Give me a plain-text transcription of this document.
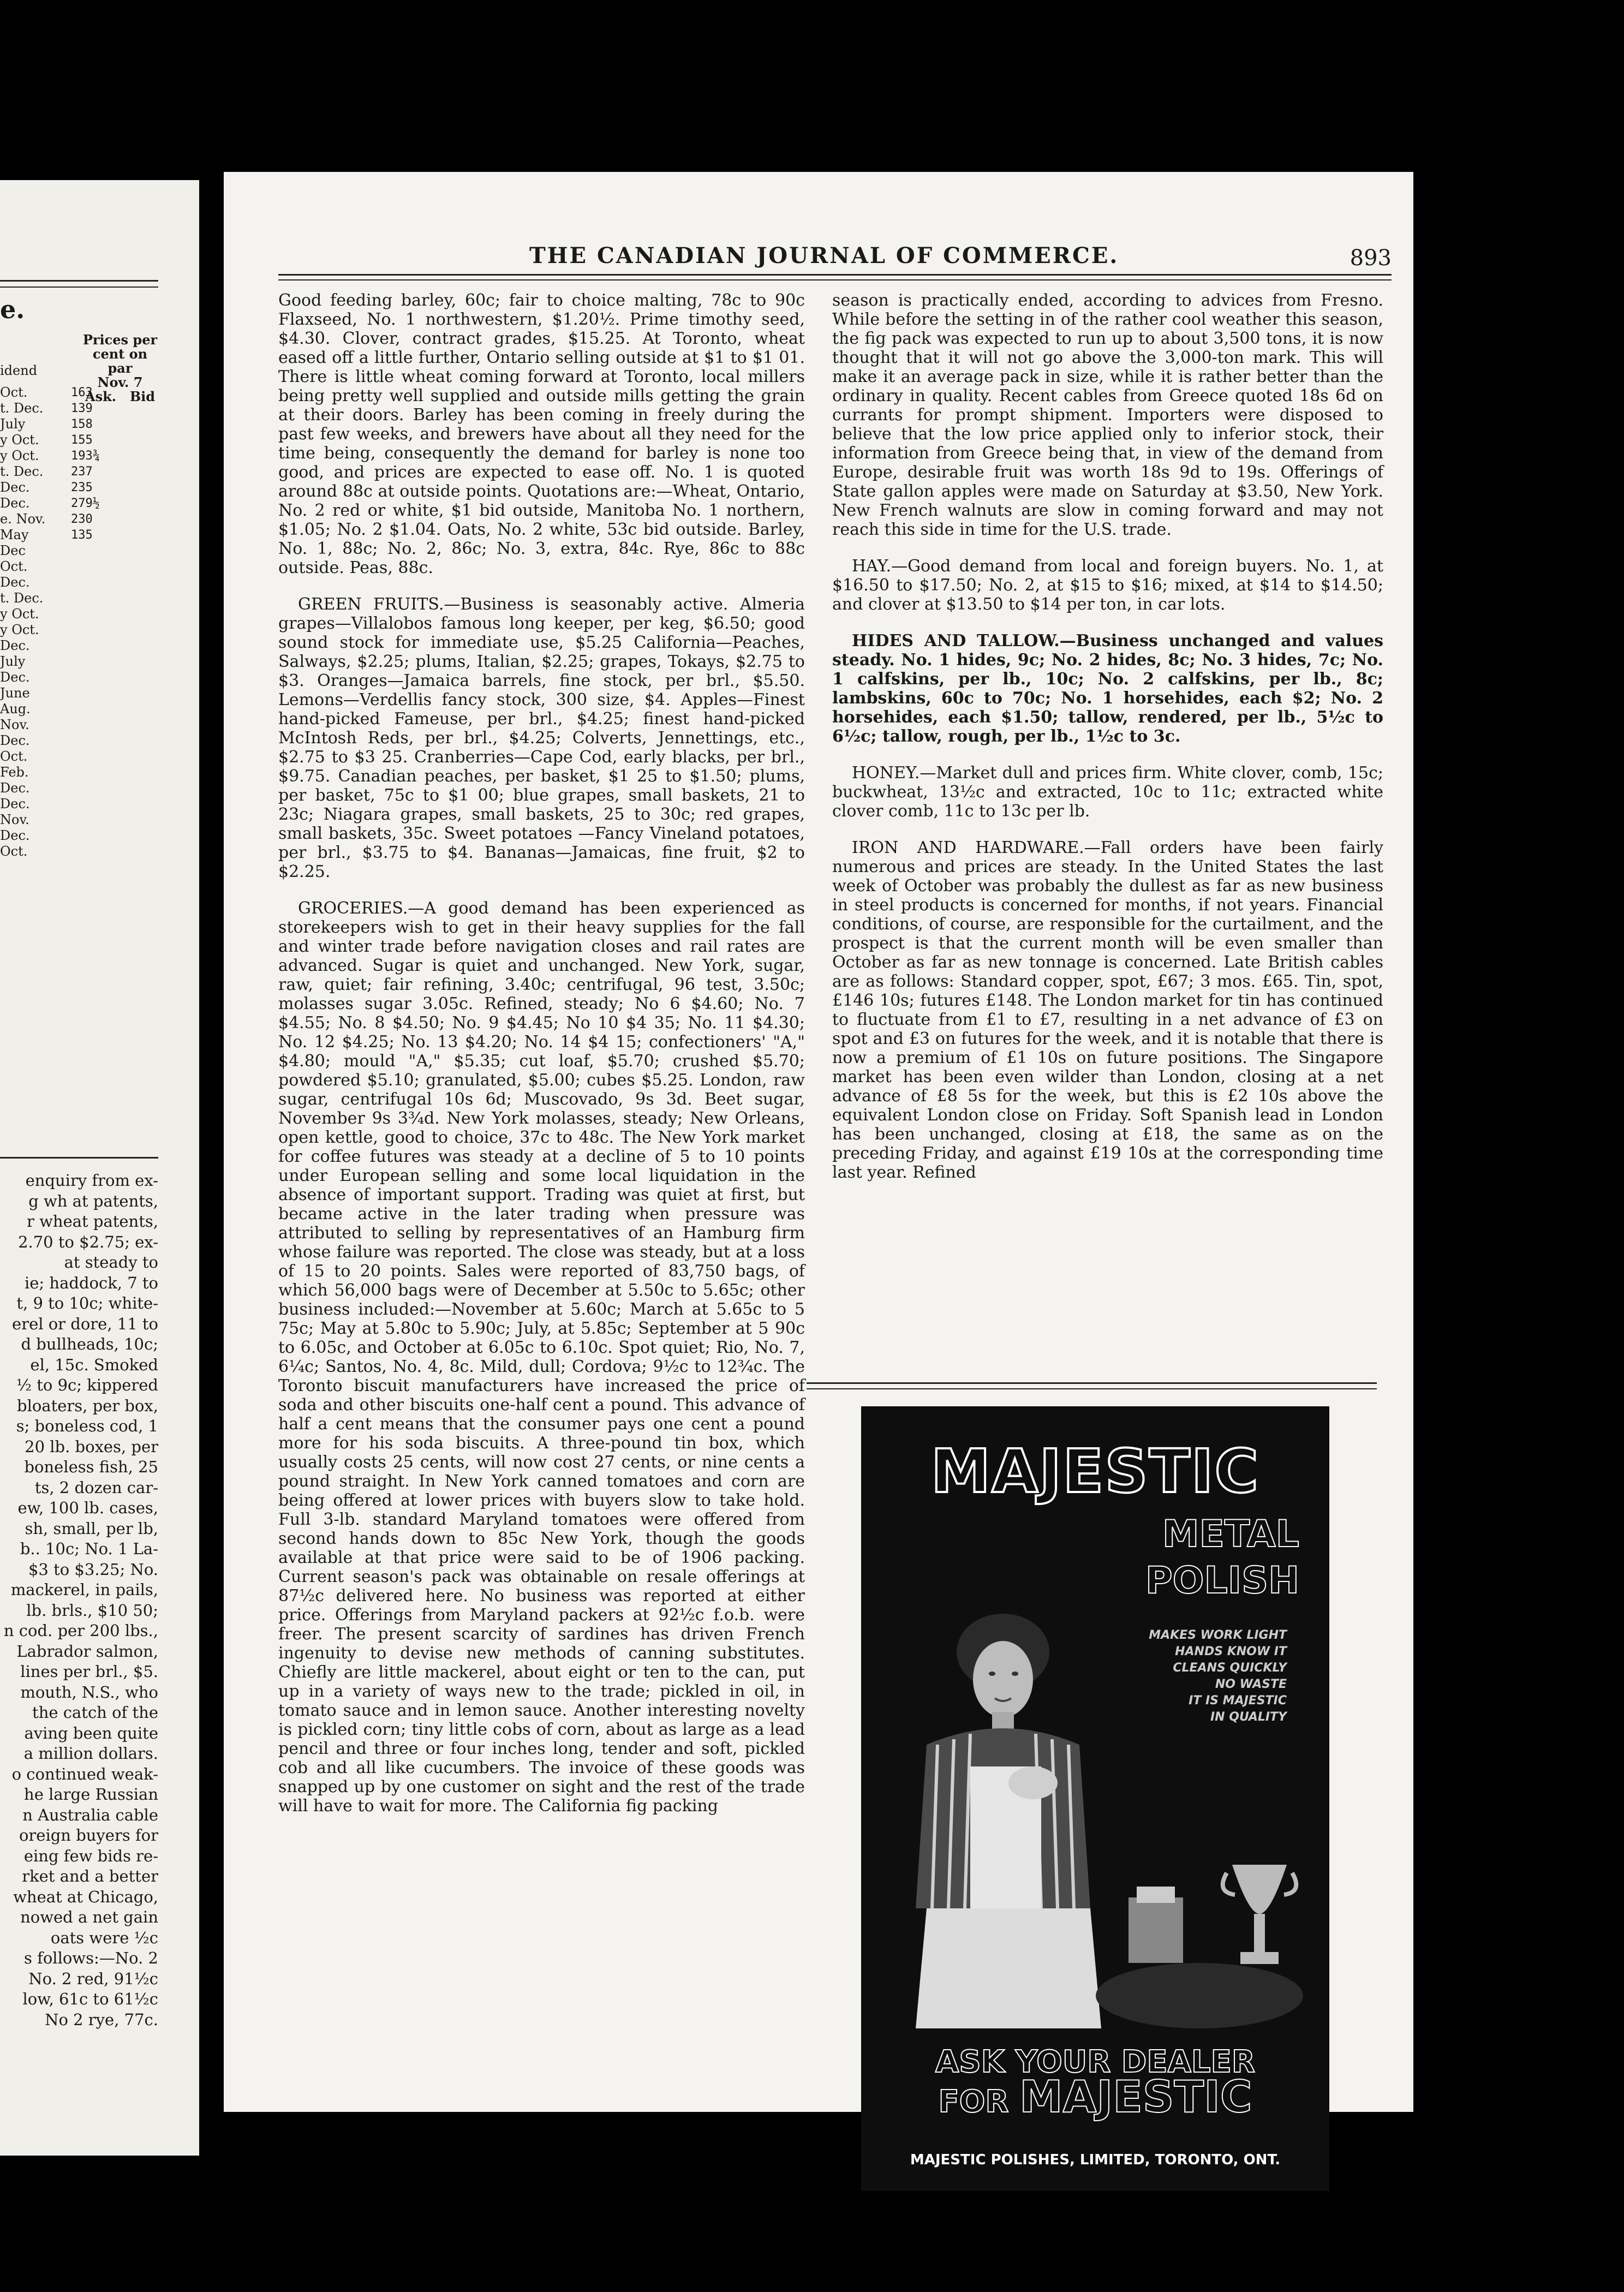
e.
Prices per
cent on par
Nov. 7
Ask. Bid
idend
Oct.
t. Dec.
July
y Oct.
y Oct.
t. Dec.
Dec.
Dec.
e. Nov.
May
Dec
Oct.
Dec.
t. Dec.
y Oct.
y Oct.
Dec.
July
Dec.
June
Aug.
Nov.
Dec.
Oct.
Feb.
Dec.
Dec.
Nov.
Dec.
Oct.
163
139
158
155
193¾
237
235
279½
230
135
enquiry from ex-
g wh at patents,
r wheat patents,
2.70 to $2.75; ex-
at steady to
ie; haddock, 7 to
t, 9 to 10c; white-
erel or dore, 11 to
d bullheads, 10c;
el, 15c. Smoked
½ to 9c; kippered
bloaters, per box,
s; boneless cod, 1
20 lb. boxes, per
boneless fish, 25
ts, 2 dozen car-
ew, 100 lb. cases,
sh, small, per lb,
b.. 10c; No. 1 La-
$3 to $3.25; No.
mackerel, in pails,
lb. brls., $10 50;
n cod. per 200 lbs.,
Labrador salmon,
lines per brl., $5.
mouth, N.S., who
the catch of the
aving been quite
a million dollars.
o continued weak-
he large Russian
n Australia cable
oreign buyers for
eing few bids re-
rket and a better
wheat at Chicago,
nowed a net gain
oats were ½c
s follows:—No. 2
No. 2 red, 91½c
low, 61c to 61½c
No 2 rye, 77c.
THE CANADIAN JOURNAL OF COMMERCE.	893

Good feeding barley, 60c; fair to choice malting, 78c to 90c Flaxseed, No. 1 northwestern, $1.20½. Prime timothy seed, $4.30. Clover, contract grades, $15.25. At Toronto, wheat eased off a little further, Ontario selling outside at $1 to $1 01. There is little wheat coming forward at Toronto, local millers being pretty well supplied and outside mills getting the grain at their doors. Barley has been coming in freely during the past few weeks, and brewers have about all they need for the time being, consequently the demand for barley is none too good, and prices are expected to ease off. No. 1 is quoted around 88c at outside points. Quotations are:—Wheat, Ontario, No. 2 red or white, $1 bid outside, Manitoba No. 1 northern, $1.05; No. 2 $1.04. Oats, No. 2 white, 53c bid outside. Barley, No. 1, 88c; No. 2, 86c; No. 3, extra, 84c. Rye, 86c to 88c outside. Peas, 88c.

GREEN FRUITS.—Business is seasonably active. Almeria grapes—Villalobos famous long keeper, per keg, $6.50; good sound stock for immediate use, $5.25 California—Peaches, Salways, $2.25; plums, Italian, $2.25; grapes, Tokays, $2.75 to $3. Oranges—Jamaica barrels, fine stock, per brl., $5.50. Lemons—Verdellis fancy stock, 300 size, $4. Apples—Finest hand-picked Fameuse, per brl., $4.25; finest hand-picked McIntosh Reds, per brl., $4.25; Colverts, Jennettings, etc., $2.75 to $3 25. Cranberries—Cape Cod, early blacks, per brl., $9.75. Canadian peaches, per basket, $1 25 to $1.50; plums, per basket, 75c to $1 00; blue grapes, small baskets, 21 to 23c; Niagara grapes, small baskets, 25 to 30c; red grapes, small baskets, 35c. Sweet potatoes —Fancy Vineland potatoes, per brl., $3.75 to $4. Bananas—Jamaicas, fine fruit, $2 to $2.25.

GROCERIES.—A good demand has been experienced as storekeepers wish to get in their heavy supplies for the fall and winter trade before navigation closes and rail rates are advanced. Sugar is quiet and unchanged. New York, sugar, raw, quiet; fair refining, 3.40c; centrifugal, 96 test, 3.50c; molasses sugar 3.05c. Refined, steady; No 6 $4.60; No. 7 $4.55; No. 8 $4.50; No. 9 $4.45; No 10 $4 35; No. 11 $4.30; No. 12 $4.25; No. 13 $4.20; No. 14 $4 15; confectioners' "A," $4.80; mould "A," $5.35; cut loaf, $5.70; crushed $5.70; powdered $5.10; granulated, $5.00; cubes $5.25. London, raw sugar, centrifugal 10s 6d; Muscovado, 9s 3d. Beet sugar, November 9s 3¾d. New York molasses, steady; New Orleans, open kettle, good to choice, 37c to 48c. The New York market for coffee futures was steady at a decline of 5 to 10 points under European selling and some local liquidation in the absence of important support. Trading was quiet at first, but became active in the later trading when pressure was attributed to selling by representatives of an Hamburg firm whose failure was reported. The close was steady, but at a loss of 15 to 20 points. Sales were reported of 83,750 bags, of which 56,000 bags were of December at 5.50c to 5.65c; other business included:—November at 5.60c; March at 5.65c to 5 75c; May at 5.80c to 5.90c; July, at 5.85c; September at 5 90c to 6.05c, and October at 6.05c to 6.10c. Spot quiet; Rio, No. 7, 6¼c; Santos, No. 4, 8c. Mild, dull; Cordova; 9½c to 12¾c. The Toronto biscuit manufacturers have increased the price of soda and other biscuits one-half cent a pound. This advance of half a cent means that the consumer pays one cent a pound more for his soda biscuits. A three-pound tin box, which usually costs 25 cents, will now cost 27 cents, or nine cents a pound straight. In New York canned tomatoes and corn are being offered at lower prices with buyers slow to take hold. Full 3-lb. standard Maryland tomatoes were offered from second hands down to 85c New York, though the goods available at that price were said to be of 1906 packing. Current season's pack was obtainable on resale offerings at 87½c delivered here. No business was reported at either price. Offerings from Maryland packers at 92½c f.o.b. were freer. The present scarcity of sardines has driven French ingenuity to devise new methods of canning substitutes. Chiefly are little mackerel, about eight or ten to the can, put up in a variety of ways new to the trade; pickled in oil, in tomato sauce and in lemon sauce. Another interesting novelty is pickled corn; tiny little cobs of corn, about as large as a lead pencil and three or four inches long, tender and soft, pickled cob and all like cucumbers. The invoice of these goods was snapped up by one customer on sight and the rest of the trade will have to wait for more. The California fig packing

season is practically ended, according to advices from Fresno. While before the setting in of the rather cool weather this season, the fig pack was expected to run up to about 3,500 tons, it is now thought that it will not go above the 3,000-ton mark. This will make it an average pack in size, while it is rather better than the ordinary in quality. Recent cables from Greece quoted 18s 6d on currants for prompt shipment. Importers were disposed to believe that the low price applied only to inferior stock, their information from Greece being that, in view of the demand from Europe, desirable fruit was worth 18s 9d to 19s. Offerings of State gallon apples were made on Saturday at $3.50, New York. New French walnuts are slow in coming forward and may not reach this side in time for the U.S. trade.

HAY.—Good demand from local and foreign buyers. No. 1, at $16.50 to $17.50; No. 2, at $15 to $16; mixed, at $14 to $14.50; and clover at $13.50 to $14 per ton, in car lots.

HIDES AND TALLOW.—Business unchanged and values steady. No. 1 hides, 9c; No. 2 hides, 8c; No. 3 hides, 7c; No. 1 calfskins, per lb., 10c; No. 2 calfskins, per lb., 8c; lambskins, 60c to 70c; No. 1 horsehides, each $2; No. 2 horsehides, each $1.50; tallow, rendered, per lb., 5½c to 6½c; tallow, rough, per lb., 1½c to 3c.

HONEY.—Market dull and prices firm. White clover, comb, 15c; buckwheat, 13½c and extracted, 10c to 11c; extracted white clover comb, 11c to 13c per lb.

IRON AND HARDWARE.—Fall orders have been fairly numerous and prices are steady. In the United States the last week of October was probably the dullest as far as new business in steel products is concerned for months, if not years. Financial conditions, of course, are responsible for the curtailment, and the prospect is that the current month will be even smaller than October as far as new tonnage is concerned. Late British cables are as follows: Standard copper, spot, £67; 3 mos. £65. Tin, spot, £146 10s; futures £148. The London market for tin has continued to fluctuate from £1 to £7, resulting in a net advance of £3 on spot and £3 on futures for the week, and it is notable that there is now a premium of £1 10s on future positions. The Singapore market has been even wilder than London, closing at a net advance of £8 5s for the week, but this is £2 10s above the equivalent London close on Friday. Soft Spanish lead in London has been unchanged, closing at £18, the same as on the preceding Friday, and against £19 10s at the corresponding time last year. Refined

MAJESTIC
METAL
POLISH
MAKES WORK LIGHT
HANDS KNOW IT
CLEANS QUICKLY
NO WASTE
IT IS MAJESTIC
IN QUALITY
ASK YOUR DEALER
FOR MAJESTIC
MAJESTIC POLISHES, LIMITED, TORONTO, ONT.
